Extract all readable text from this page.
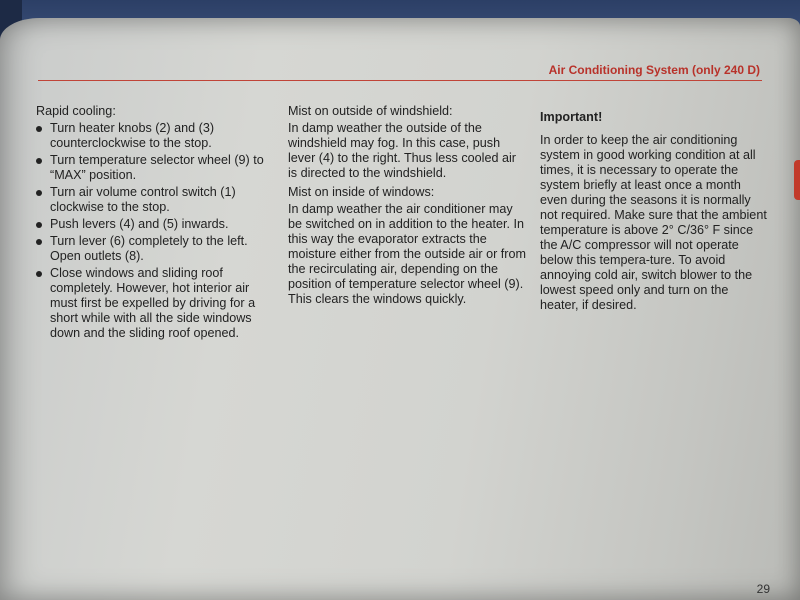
Air Conditioning System (only 240 D)
Rapid cooling:
Turn heater knobs (2) and (3) counterclockwise to the stop.
Turn temperature selector wheel (9) to “MAX” position.
Turn air volume control switch (1) clockwise to the stop.
Push levers (4) and (5) inwards.
Turn lever (6) completely to the left. Open outlets (8).
Close windows and sliding roof completely. However, hot interior air must first be expelled by driving for a short while with all the side windows down and the sliding roof opened.
Mist on outside of windshield:

In damp weather the outside of the windshield may fog. In this case, push lever (4) to the right. Thus less cooled air is directed to the windshield.

Mist on inside of windows:

In damp weather the air conditioner may be switched on in addition to the heater. In this way the evaporator extracts the moisture either from the outside air or from the recirculating air, depending on the position of temperature selector wheel (9). This clears the windows quickly.

Important!

In order to keep the air conditioning system in good working condition at all times, it is necessary to operate the system briefly at least once a month even during the seasons it is normally not required. Make sure that the ambient temperature is above 2° C/36° F since the A/C compressor will not operate below this tempera-ture. To avoid annoying cold air, switch blower to the lowest speed only and turn on the heater, if desired.

29
